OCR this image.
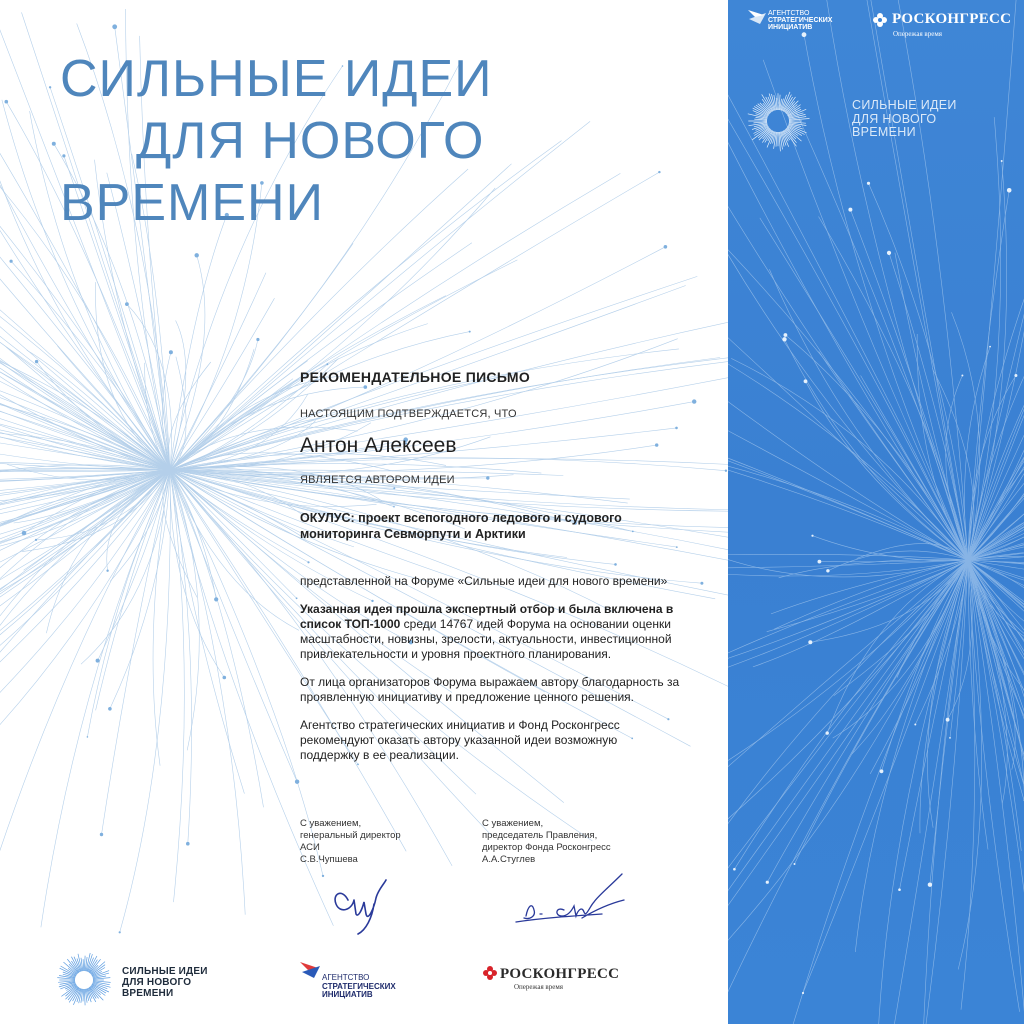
СИЛЬНЫЕ ИДЕИ
ДЛЯ НОВОГО
ВРЕМЕНИ

РЕКОМЕНДАТЕЛЬНОЕ ПИСЬМО

НАСТОЯЩИМ ПОДТВЕРЖДАЕТСЯ, ЧТО

Антон Алексеев

ЯВЛЯЕТСЯ АВТОРОМ ИДЕИ

ОКУЛУС: проект всепогодного ледового и судового мониторинга Севморпути и Арктики

представленной на Форуме «Сильные идеи для нового времени»

Указанная идея прошла экспертный отбор и была включена в список ТОП-1000 среди 14767 идей Форума на основании оценки масштабности, новизны, зрелости, актуальности, инвестиционной привлекательности и уровня проектного планирования.

От лица организаторов Форума выражаем автору благодарность за проявленную инициативу и предложение ценного решения.

Агентство стратегических инициатив и Фонд Росконгресс рекомендуют оказать автору указанной идеи возможную поддержку в ее реализации.

С уважением,
генеральный директор
АСИ
С.В.Чупшева
С уважением,
председатель Правления,
директор Фонда Росконгресс
А.А.Стуглев
СИЛЬНЫЕ ИДЕИ
ДЛЯ НОВОГО
ВРЕМЕНИ
АГЕНТСТВО
СТРАТЕГИЧЕСКИХ
ИНИЦИАТИВ
РОСКОНГРЕСС
Опережая время
АГЕНТСТВО
СТРАТЕГИЧЕСКИХ
ИНИЦИАТИВ
РОСКОНГРЕСС
Опережая время
СИЛЬНЫЕ ИДЕИ
ДЛЯ НОВОГО
ВРЕМЕНИ
